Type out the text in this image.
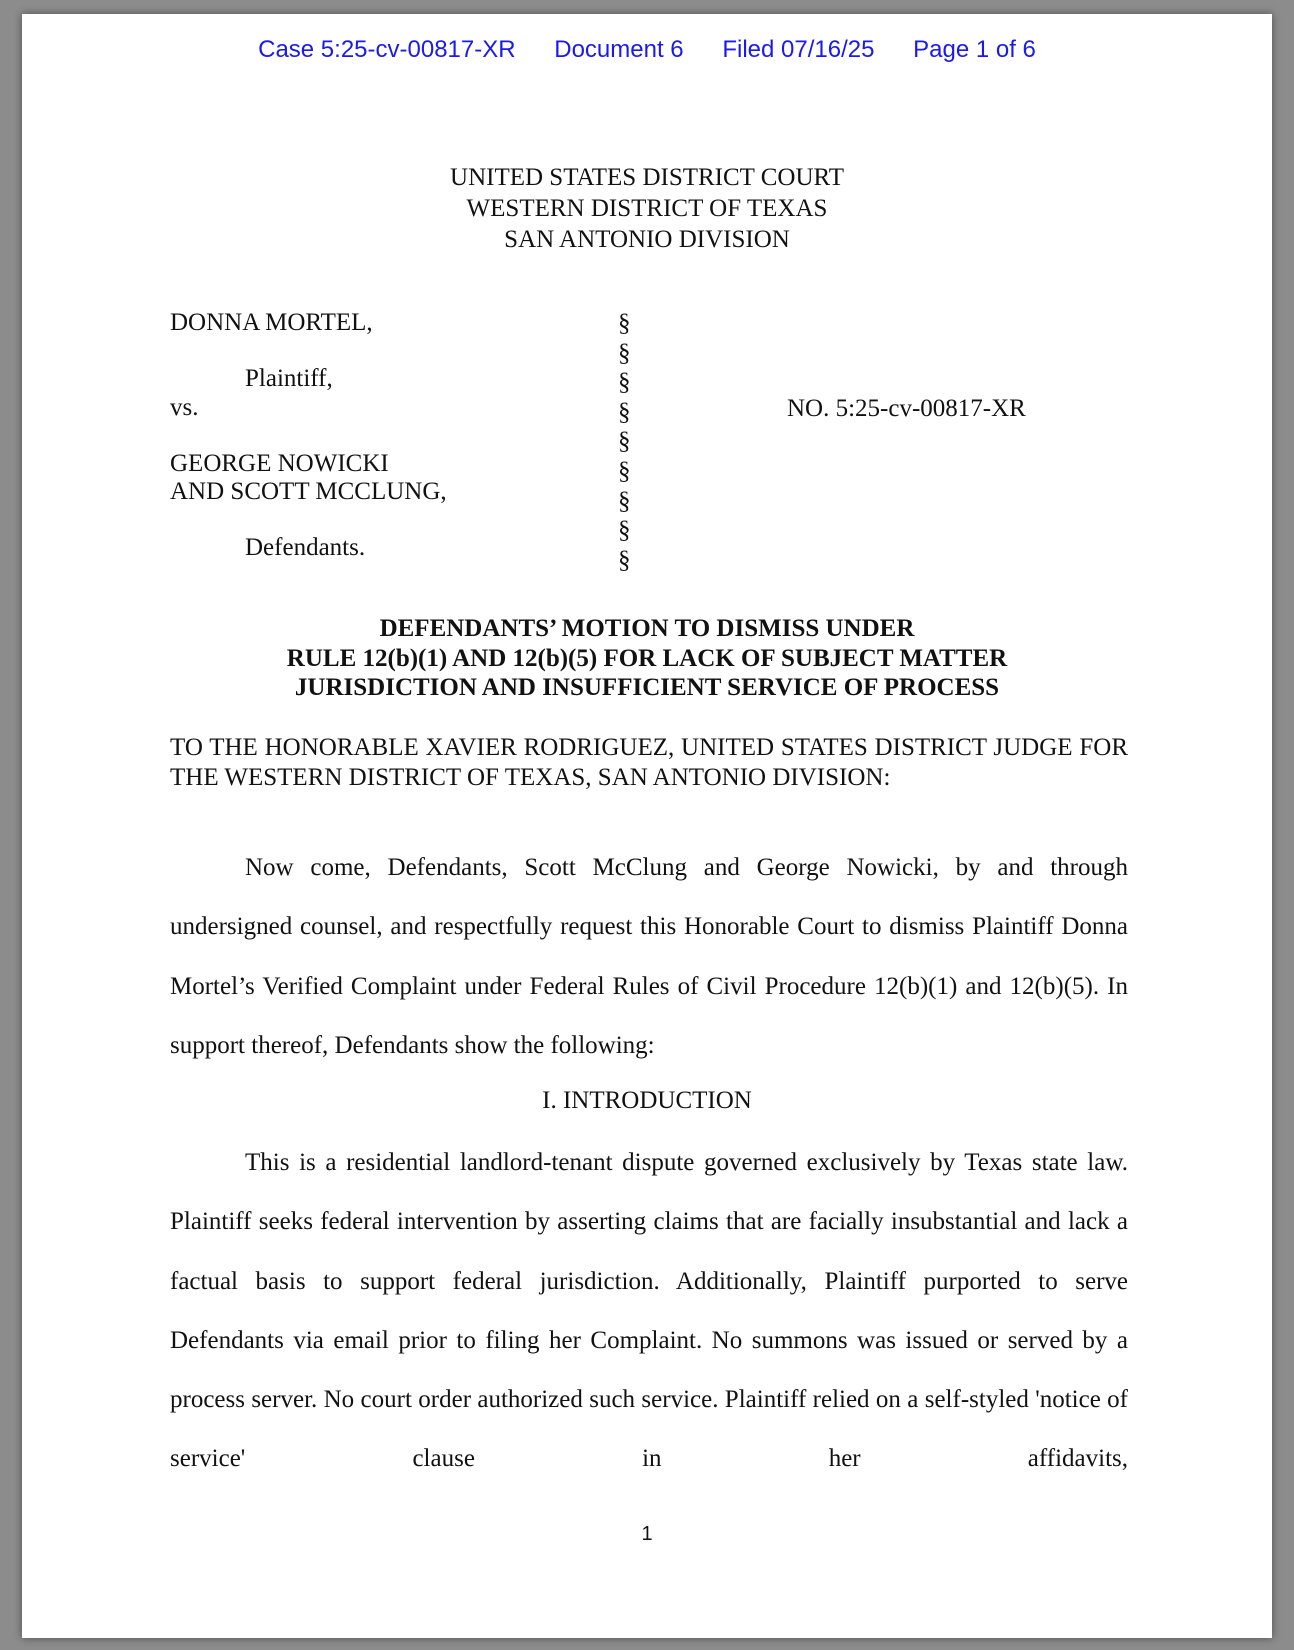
Case 5:25-cv-00817-XR Document 6 Filed 07/16/25 Page 1 of 6
UNITED STATES DISTRICT COURT
WESTERN DISTRICT OF TEXAS
SAN ANTONIO DIVISION
DONNA MORTEL,
Plaintiff,
vs.
GEORGE NOWICKI
AND SCOTT MCCLUNG,
Defendants.
§
§
§
§
§
§
§
§
§
NO. 5:25-cv-00817-XR
DEFENDANTS’ MOTION TO DISMISS UNDER
RULE 12(b)(1) AND 12(b)(5) FOR LACK OF SUBJECT MATTER
JURISDICTION AND INSUFFICIENT SERVICE OF PROCESS
TO THE HONORABLE XAVIER RODRIGUEZ, UNITED STATES DISTRICT JUDGE FOR THE WESTERN DISTRICT OF TEXAS, SAN ANTONIO DIVISION:
Now come, Defendants, Scott McClung and George Nowicki, by and through undersigned counsel, and respectfully request this Honorable Court to dismiss Plaintiff Donna Mortel’s Verified Complaint under Federal Rules of Civil Procedure 12(b)(1) and 12(b)(5). In support thereof, Defendants show the following:
I. INTRODUCTION
This is a residential landlord-tenant dispute governed exclusively by Texas state law. Plaintiff seeks federal intervention by asserting claims that are facially insubstantial and lack a factual basis to support federal jurisdiction. Additionally, Plaintiff purported to serve Defendants via email prior to filing her Complaint. No summons was issued or served by a process server. No court order authorized such service. Plaintiff relied on a self-styled 'notice of service' clause in her affidavits,
1
